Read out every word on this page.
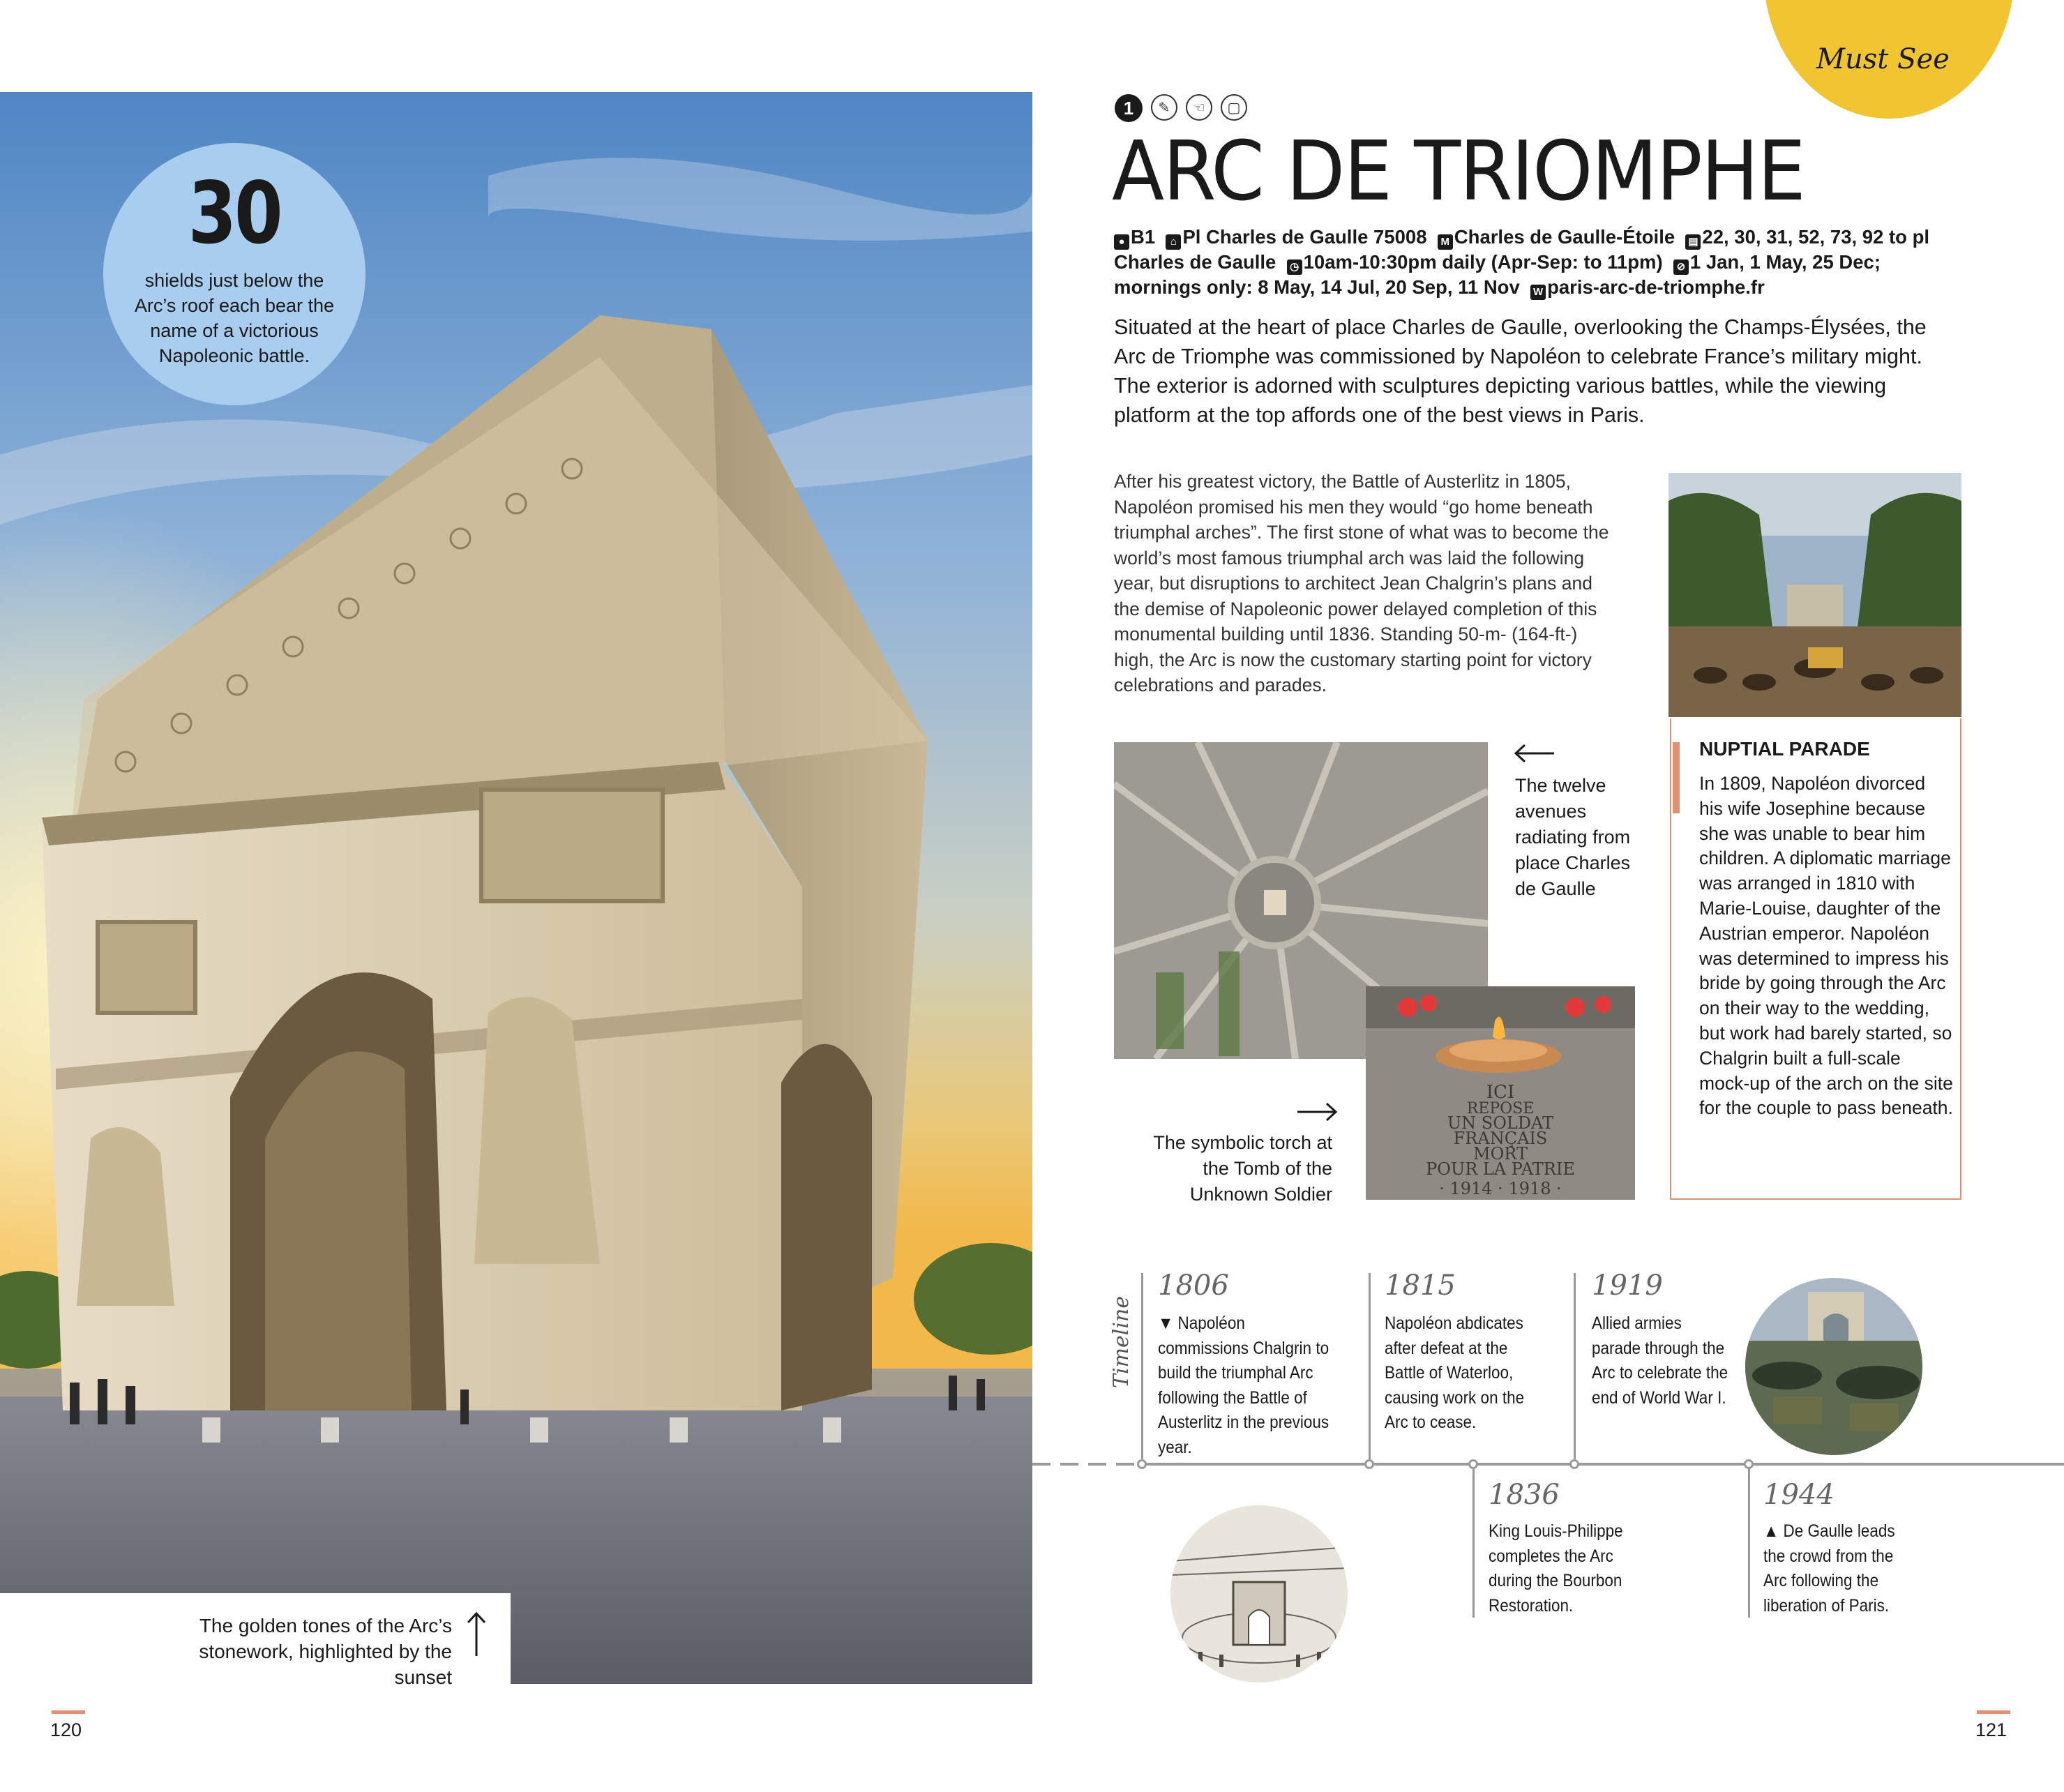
30
shields just below the Arc’s roof each bear the name of a victorious Napoleonic battle.
The golden tones of the Arc’s stonework, highlighted by the sunset
120
Must See
1	✎	☜	▢
ARC DE TRIOMPHE
● B1 ⌂ Pl Charles de Gaulle 75008 M Charles de Gaulle-Étoile ▤ 22, 30, 31, 52, 73, 92 to pl Charles de Gaulle ◷ 10am-10:30pm daily (Apr-Sep: to 11pm) ⊘ 1 Jan, 1 May, 25 Dec; mornings only: 8 May, 14 Jul, 20 Sep, 11 Nov W paris-arc-de-triomphe.fr
Situated at the heart of place Charles de Gaulle, overlooking the Champs-Élysées, the Arc de Triomphe was commissioned by Napoléon to celebrate France’s military might. The exterior is adorned with sculptures depicting various battles, while the viewing platform at the top affords one of the best views in Paris.
After his greatest victory, the Battle of Austerlitz in 1805, Napoléon promised his men they would “go home beneath triumphal arches”. The first stone of what was to become the world’s most famous triumphal arch was laid the following year, but disruptions to architect Jean Chalgrin’s plans and the demise of Napoleonic power delayed completion of this monumental building until 1836. Standing 50-m- (164-ft-) high, the Arc is now the customary starting point for victory celebrations and parades.
ICI
REPOSE
UN SOLDAT
FRANÇAIS
MORT
POUR LA PATRIE
· 1914 · 1918 ·
The twelve avenues radiating from place Charles de Gaulle
The symbolic torch at the Tomb of the Unknown Soldier
NUPTIAL PARADE
In 1809, Napoléon divorced his wife Josephine because she was unable to bear him children. A diplomatic marriage was arranged in 1810 with Marie-Louise, daughter of the Austrian emperor. Napoléon was determined to impress his bride by going through the Arc on their way to the wedding, but work had barely started, so Chalgrin built a full-scale mock-up of the arch on the site for the couple to pass beneath.
Timeline
1806
▼ Napoléon commissions Chalgrin to build the triumphal Arc following the Battle of Austerlitz in the previous year.
1815
Napoléon abdicates after defeat at the Battle of Waterloo, causing work on the Arc to cease.
1919
Allied armies parade through the Arc to celebrate the end of World War I.
1836
King Louis-Philippe completes the Arc during the Bourbon Restoration.
1944
▲ De Gaulle leads the crowd from the Arc following the liberation of Paris.
121
